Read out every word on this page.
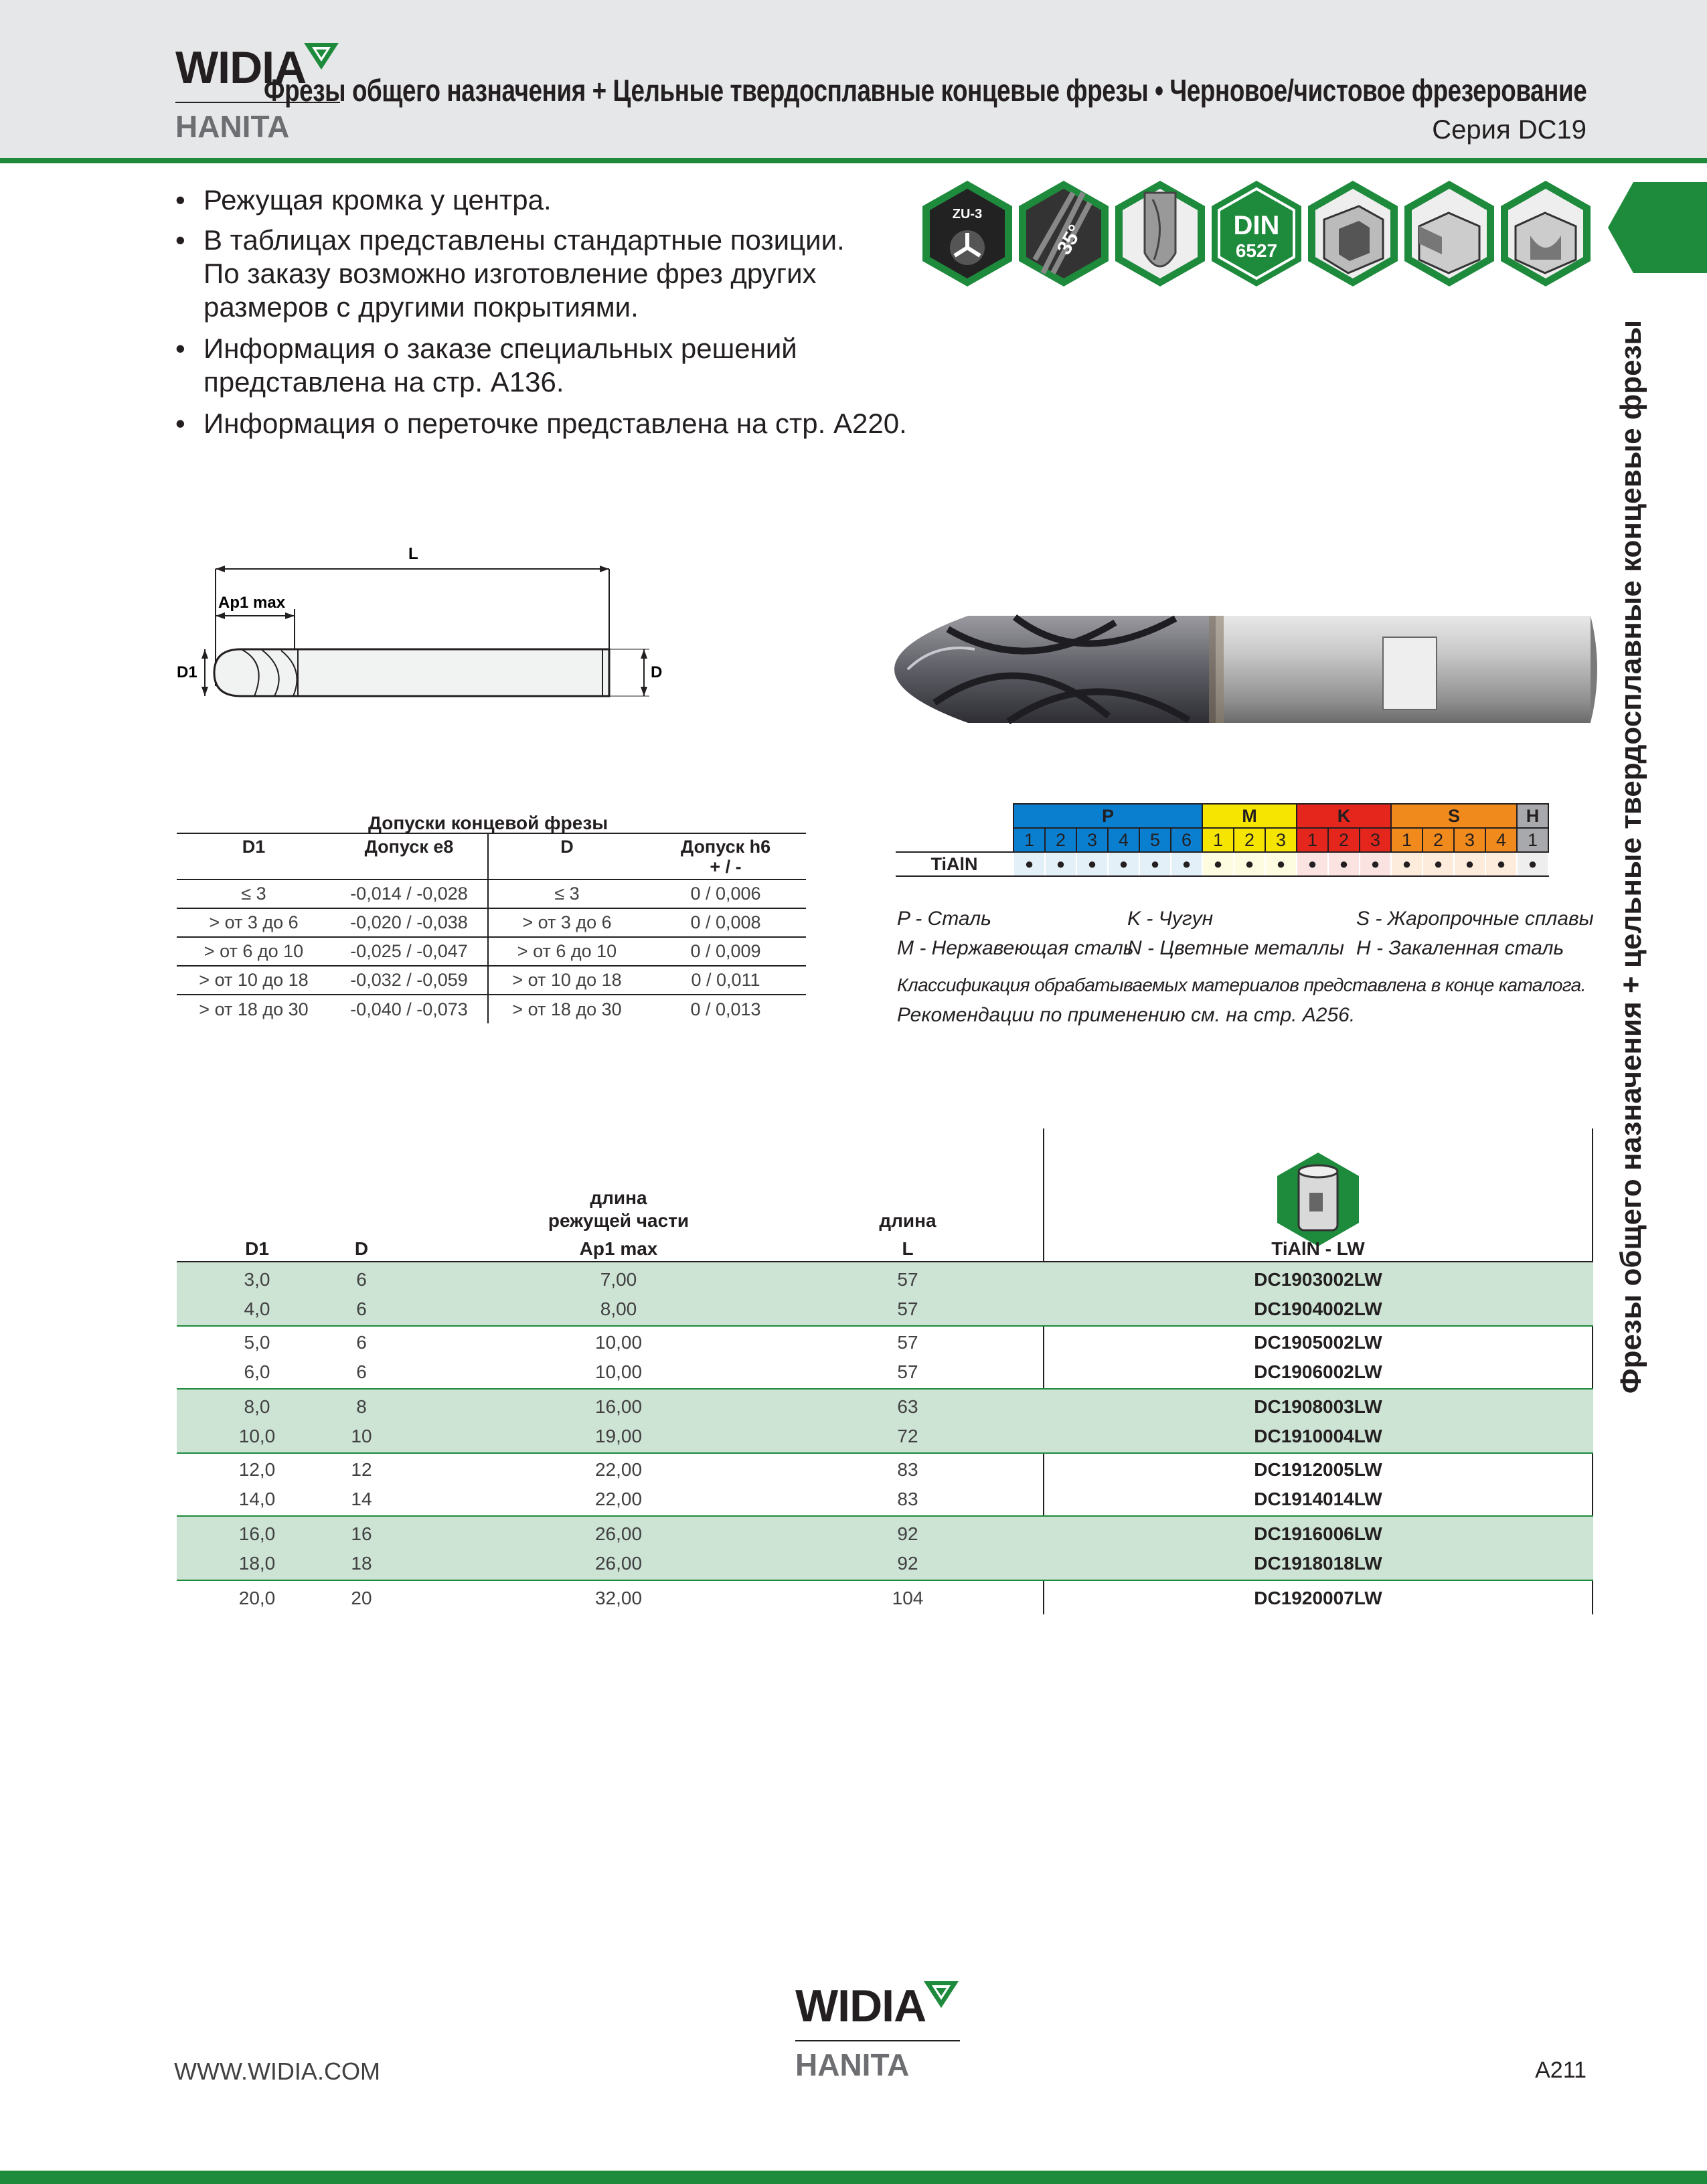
WIDIA
HANITA
Фрезы общего назначения + Цельные твердосплавные концевые фрезы • Черновое/чистовое фрезерование
Серия DC19
• Режущая кромка у центра.
• В таблицах представлены стандартные позиции.
По заказу возможно изготовление фрез других
размеров с другими покрытиями.
• Информация о заказе специальных решений
представлена на стр. A136.
• Информация о переточке представлена на стр. A220.
ZU-3
35°	DIN
6527
Фрезы общего назначения + цельные твердосплавные концевые фрезы
L
Ap1 max
D1	D
Допуски концевой фрезы
D1	Допуск e8	D	Допуск h6
+ / -

≤ 3	-0,014 / -0,028	≤ 3	0 / 0,006
> от 3 до 6	-0,020 / -0,038	> от 3 до 6	0 / 0,008
> от 6 до 10	-0,025 / -0,047	> от 6 до 10	0 / 0,009
> от 10 до 18	-0,032 / -0,059	> от 10 до 18	0 / 0,011
> от 18 до 30	-0,040 / -0,073	> от 18 до 30	0 / 0,013
	P						M			K			S				H
	1	2	3	4	5	6	1	2	3	1	2	3	1	2	3	4	1
TiAlN	●	●	●	●	●	●	●	●	●	●	●	●	●	●	●	●	●
P - Сталь
M - Нержавеющая сталь
K - Чугун
N - Цветные металлы
S - Жаропрочные сплавы
H - Закаленная сталь
Классификация обрабатываемых материалов представлена в конце каталога.
Рекомендации по применению см. на стр. A256.
D1	D
длина
режущей части
Ap1 max
длина
L	TiAlN - LW
3,0	6	7,00	57	DC1903002LW
4,0	6	8,00	57	DC1904002LW
5,0	6	10,00	57	DC1905002LW
6,0	6	10,00	57	DC1906002LW
8,0	8	16,00	63	DC1908003LW
10,0	10	19,00	72	DC1910004LW
12,0	12	22,00	83	DC1912005LW
14,0	14	22,00	83	DC1914014LW
16,0	16	26,00	92	DC1916006LW
18,0	18	26,00	92	DC1918018LW
20,0	20	32,00	104	DC1920007LW
WIDIA
HANITA
WWW.WIDIA.COM	A211
